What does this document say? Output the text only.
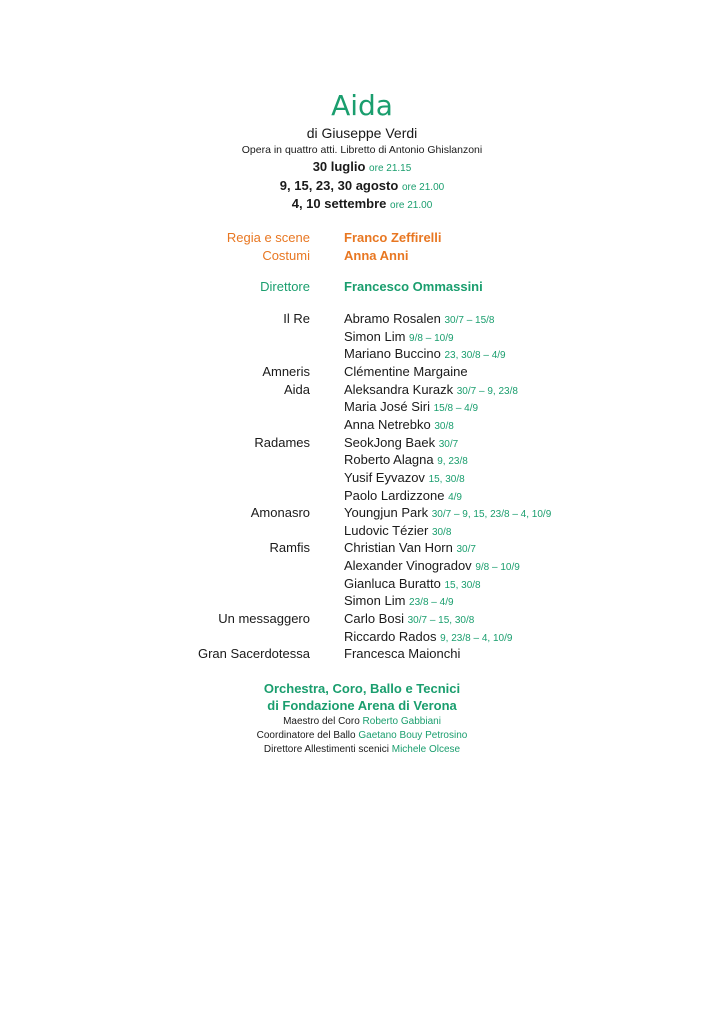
Aida
di Giuseppe Verdi
Opera in quattro atti. Libretto di Antonio Ghislanzoni
30 luglio ore 21.15
9, 15, 23, 30 agosto ore 21.00
4, 10 settembre ore 21.00
Regia e scene	Franco Zeffirelli
Costumi	Anna Anni
Direttore	Francesco Ommassini
Il Re	Abramo Rosalen 30/7 – 15/8
Simon Lim 9/8 – 10/9
Mariano Buccino 23, 30/8 – 4/9
Amneris	Clémentine Margaine
Aida	Aleksandra Kurazk 30/7 – 9, 23/8
Maria José Siri 15/8 – 4/9
Anna Netrebko 30/8
Radames	SeokJong Baek 30/7
Roberto Alagna 9, 23/8
Yusif Eyvazov 15, 30/8
Paolo Lardizzone 4/9
Amonasro	Youngjun Park 30/7 – 9, 15, 23/8 – 4, 10/9
Ludovic Tézier 30/8
Ramfis	Christian Van Horn 30/7
Alexander Vinogradov 9/8 – 10/9
Gianluca Buratto 15, 30/8
Simon Lim 23/8 – 4/9
Un messaggero	Carlo Bosi 30/7 – 15, 30/8
Riccardo Rados 9, 23/8 – 4, 10/9
Gran Sacerdotessa	Francesca Maionchi
Orchestra, Coro, Ballo e Tecnici
di Fondazione Arena di Verona
Maestro del Coro Roberto Gabbiani
Coordinatore del Ballo Gaetano Bouy Petrosino
Direttore Allestimenti scenici Michele Olcese
